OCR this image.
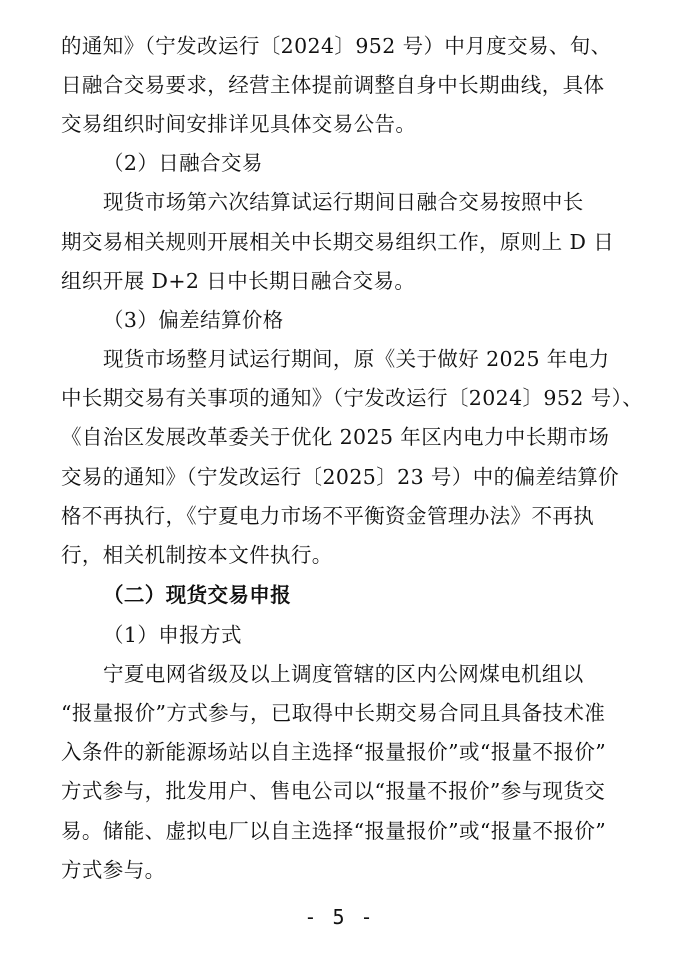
的通知》（宁发改运行〔2024〕952 号）中月度交易、旬、
日融合交易要求，经营主体提前调整自身中长期曲线，具体
交易组织时间安排详见具体交易公告。
（2）日融合交易
现货市场第六次结算试运行期间日融合交易按照中长
期交易相关规则开展相关中长期交易组织工作，原则上 D 日
组织开展 D+2 日中长期日融合交易。
（3）偏差结算价格
现货市场整月试运行期间，原《关于做好 2025 年电力
中长期交易有关事项的通知》（宁发改运行〔2024〕952 号）、
《自治区发展改革委关于优化 2025 年区内电力中长期市场
交易的通知》（宁发改运行〔2025〕23 号）中的偏差结算价
格不再执行，《宁夏电力市场不平衡资金管理办法》不再执
行，相关机制按本文件执行。
（二）现货交易申报
（1）申报方式
宁夏电网省级及以上调度管辖的区内公网煤电机组以
“报量报价”方式参与，已取得中长期交易合同且具备技术准
入条件的新能源场站以自主选择“报量报价”或“报量不报价”
方式参与，批发用户、售电公司以“报量不报价”参与现货交
易。储能、虚拟电厂以自主选择“报量报价”或“报量不报价”
方式参与。
- 5 -
